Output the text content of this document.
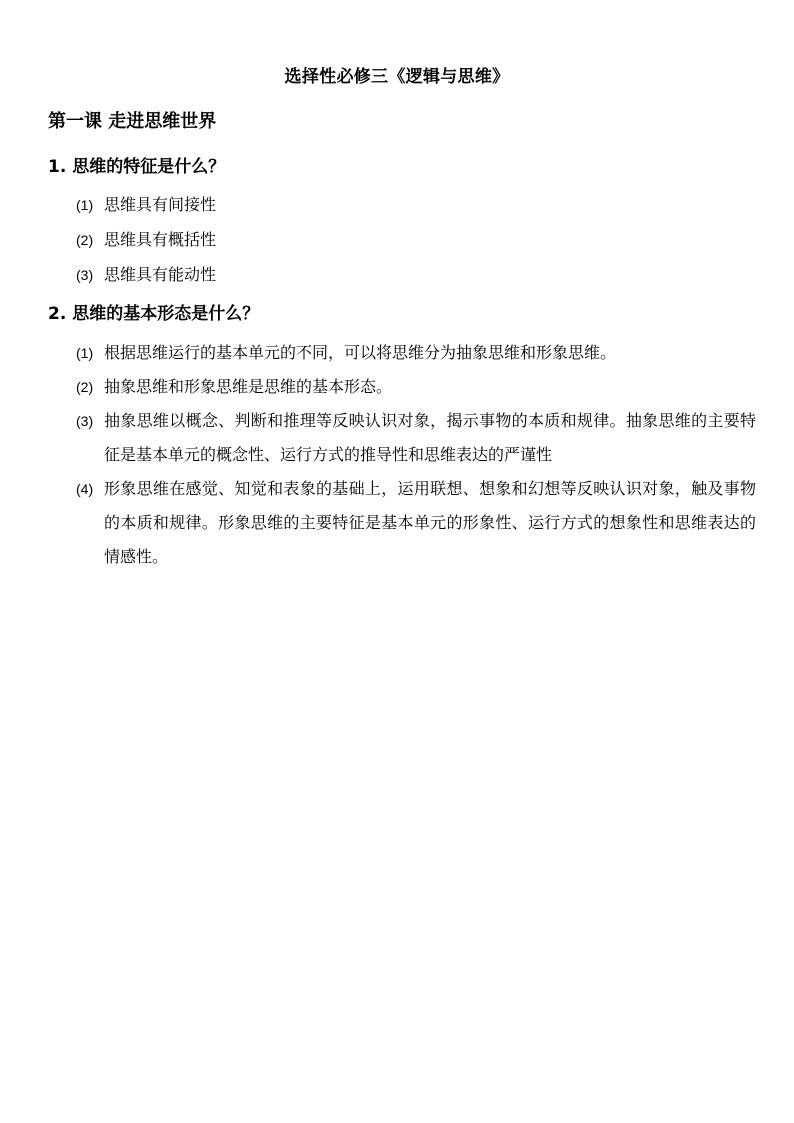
选择性必修三《逻辑与思维》
第一课 走进思维世界
1. 思维的特征是什么？
(1) 思维具有间接性
(2) 思维具有概括性
(3) 思维具有能动性
2. 思维的基本形态是什么？
(1) 根据思维运行的基本单元的不同，可以将思维分为抽象思维和形象思维。
(2) 抽象思维和形象思维是思维的基本形态。
(3) 抽象思维以概念、判断和推理等反映认识对象，揭示事物的本质和规律。抽象思维的主要特征是基本单元的概念性、运行方式的推导性和思维表达的严谨性
(4) 形象思维在感觉、知觉和表象的基础上，运用联想、想象和幻想等反映认识对象，触及事物的本质和规律。形象思维的主要特征是基本单元的形象性、运行方式的想象性和思维表达的情感性。
